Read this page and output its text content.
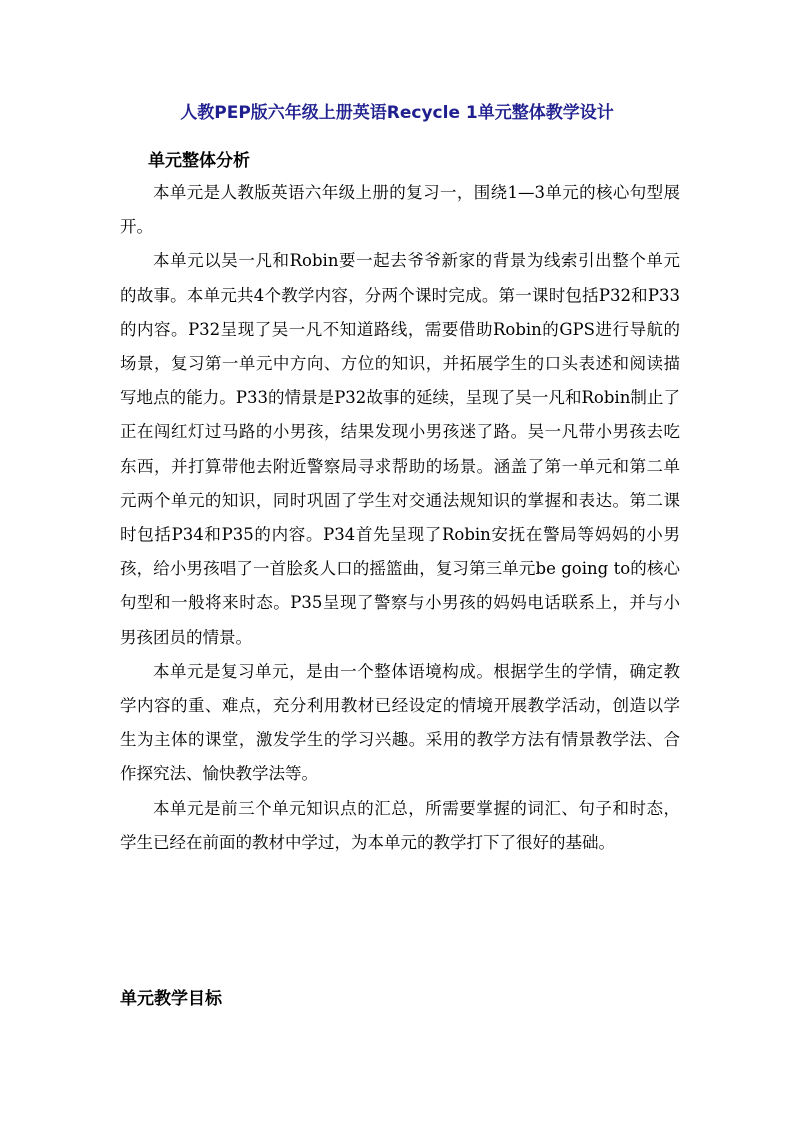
人教PEP版六年级上册英语Recycle 1单元整体教学设计
单元整体分析

本单元是人教版英语六年级上册的复习一，围绕1—3单元的核心句型展开。

本单元以吴一凡和Robin要一起去爷爷新家的背景为线索引出整个单元的故事。本单元共4个教学内容，分两个课时完成。第一课时包括P32和P33的内容。P32呈现了吴一凡不知道路线，需要借助Robin的GPS进行导航的场景，复习第一单元中方向、方位的知识，并拓展学生的口头表述和阅读描写地点的能力。P33的情景是P32故事的延续，呈现了吴一凡和Robin制止了正在闯红灯过马路的小男孩，结果发现小男孩迷了路。吴一凡带小男孩去吃东西，并打算带他去附近警察局寻求帮助的场景。涵盖了第一单元和第二单元两个单元的知识，同时巩固了学生对交通法规知识的掌握和表达。第二课时包括P34和P35的内容。P34首先呈现了Robin安抚在警局等妈妈的小男孩，给小男孩唱了一首脍炙人口的摇篮曲，复习第三单元be going to的核心句型和一般将来时态。P35呈现了警察与小男孩的妈妈电话联系上，并与小男孩团员的情景。

本单元是复习单元，是由一个整体语境构成。根据学生的学情，确定教学内容的重、难点，充分利用教材已经设定的情境开展教学活动，创造以学生为主体的课堂，激发学生的学习兴趣。采用的教学方法有情景教学法、合作探究法、愉快教学法等。

本单元是前三个单元知识点的汇总，所需要掌握的词汇、句子和时态，学生已经在前面的教材中学过，为本单元的教学打下了很好的基础。

单元教学目标
